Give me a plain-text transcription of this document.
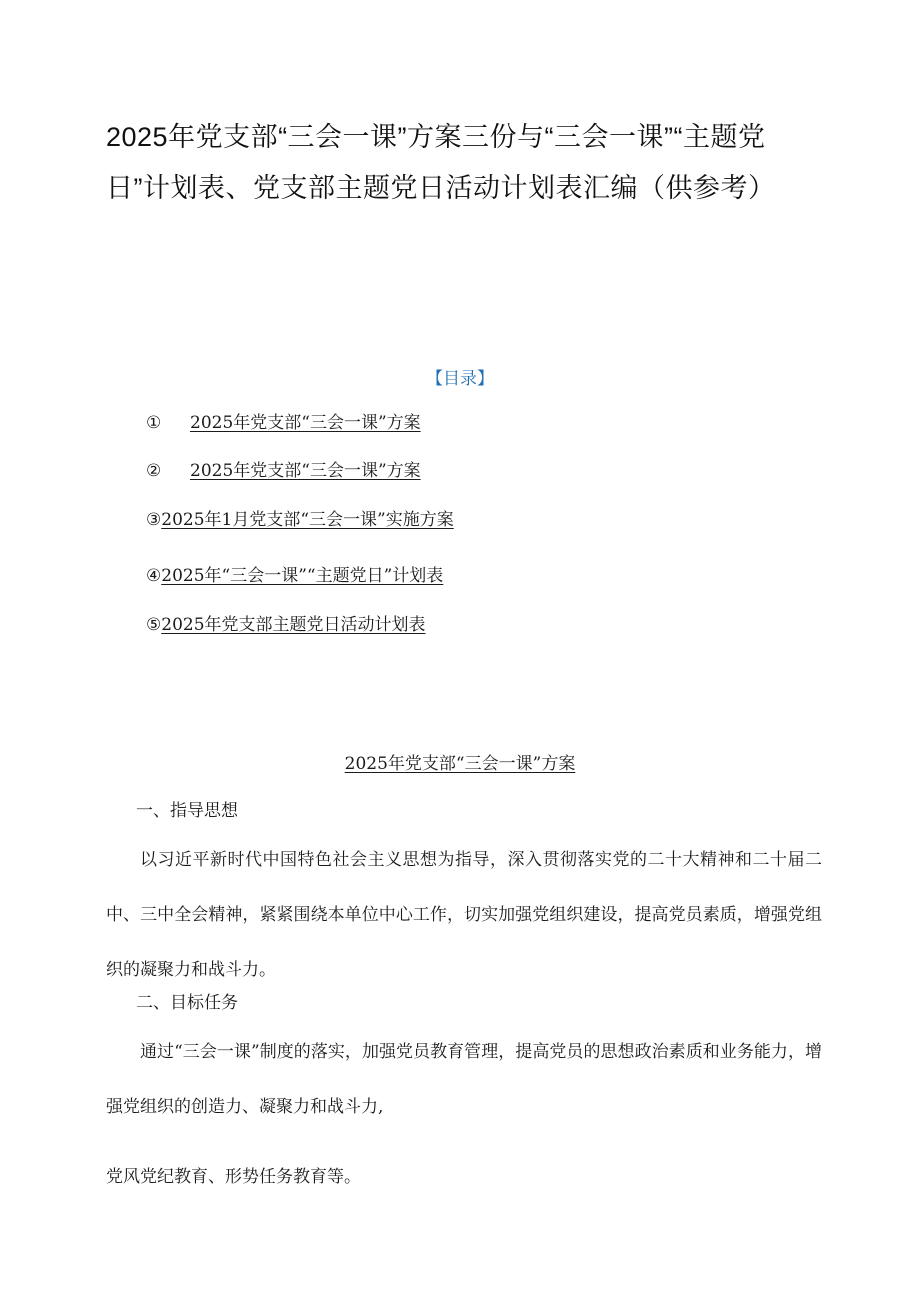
2025年党支部“三会一课”方案三份与“三会一课”“主题党日”计划表、党支部主题党日活动计划表汇编（供参考）
【目录】
① 2025年党支部“三会一课”方案
② 2025年党支部“三会一课”方案
③2025年1月党支部“三会一课”实施方案
④2025年“三会一课”“主题党日”计划表
⑤2025年党支部主题党日活动计划表
2025年党支部“三会一课”方案
一、指导思想

以习近平新时代中国特色社会主义思想为指导，深入贯彻落实党的二十大精神和二十届二中、三中全会精神，紧紧围绕本单位中心工作，切实加强党组织建设，提高党员素质，增强党组织的凝聚力和战斗力。

二、目标任务

通过“三会一课”制度的落实，加强党员教育管理，提高党员的思想政治素质和业务能力，增强党组织的创造力、凝聚力和战斗力,

党风党纪教育、形势任务教育等。
